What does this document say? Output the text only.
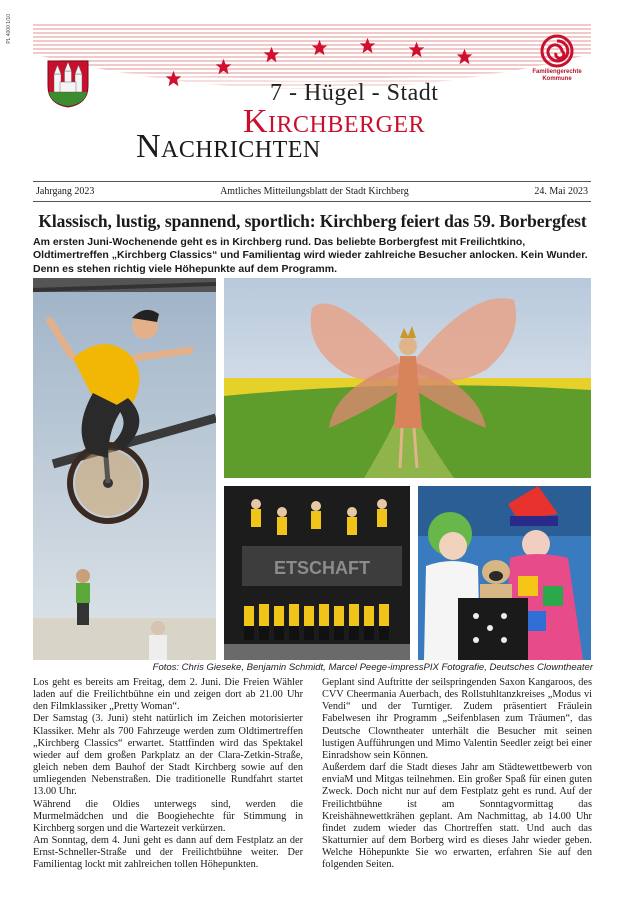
PL 4000 1/10
Familiengerechte Kommune
7 - Hügel - Stadt
Kirchberger
Nachrichten
Jahrgang 2023	Amtliches Mitteilungsblatt der Stadt Kirchberg	24. Mai 2023
Klassisch, lustig, spannend, sportlich: Kirchberg feiert das 59. Borbergfest
Am ersten Juni-Wochenende geht es in Kirchberg rund. Das beliebte Borbergfest mit Freilichtkino, Oldtimertreffen „Kirchberg Classics“ und Familientag wird wieder zahlreiche Besucher anlocken. Kein Wunder. Denn es stehen richtig viele Höhepunkte auf dem Programm.
ETSCHAFT
Fotos: Chris Gieseke, Benjamin Schmidt, Marcel Peege-impressPIX Fotografie, Deutsches Clowntheater

Los geht es bereits am Freitag, dem 2. Juni. Die Freien Wähler laden auf die Freilichtbühne ein und zeigen dort ab 21.00 Uhr den Filmklassiker „Pretty Woman“.

Der Samstag (3. Juni) steht natürlich im Zeichen motorisierter Klassiker. Mehr als 700 Fahrzeuge werden zum Oldtimertreffen „Kirchberg Classics“ erwartet. Stattfinden wird das Spektakel wieder auf dem großen Parkplatz an der Clara-Zetkin-Straße, gleich neben dem Bauhof der Stadt Kirchberg sowie auf den umliegenden Nebenstraßen. Die traditionelle Rundfahrt startet 13.00 Uhr.

Während die Oldies unterwegs sind, werden die Murmelmädchen und die Boogiehechte für Stimmung in Kirchberg sorgen und die Wartezeit verkürzen.

Am Sonntag, dem 4. Juni geht es dann auf dem Festplatz an der Ernst-Schneller-Straße und der Freilichtbühne weiter. Der Familientag lockt mit zahlreichen tollen Höhepunkten.

Geplant sind Auftritte der seilspringenden Saxon Kangaroos, des CVV Cheermania Auerbach, des Rollstuhltanzkreises „Modus vi Vendi“ und der Turntiger. Zudem präsentiert Fräulein Fabelwesen ihr Programm „Seifenblasen zum Träumen“, das Deutsche Clowntheater unterhält die Besucher mit seinen lustigen Aufführungen und Mimo Valentin Seedler zeigt bei einer Einradshow sein Können.

Außerdem darf die Stadt dieses Jahr am Städtewettbewerb von enviaM und Mitgas teilnehmen. Ein großer Spaß für einen guten Zweck. Doch nicht nur auf dem Festplatz geht es rund. Auf der Freilichtbühne ist am Sonntagvormittag das Kreishähnewettkrähen geplant. Am Nachmittag, ab 14.00 Uhr findet zudem wieder das Chortreffen statt. Und auch das Skatturnier auf dem Borberg wird es dieses Jahr wieder geben. Welche Höhepunkte Sie wo erwarten, erfahren Sie auf den folgenden Seiten.
